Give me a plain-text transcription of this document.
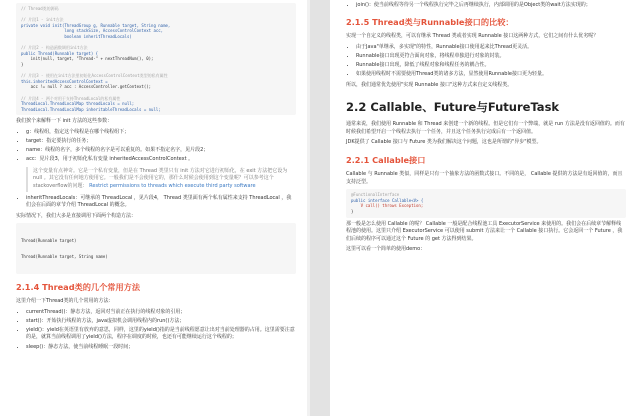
// Thread类的源码

// 片段1 - init方法
private void init(ThreadGroup g, Runnable target, String name,
long stackSize, AccessControlContext acc,
boolean inheritThreadLocals)

// 片段2 - 构造函数调用init方法
public Thread(Runnable target) {
init(null, target, "Thread-" + nextThreadNum(), 0);
}

// 片段3 - 使用在init方法里初始化AccessControlContext类型的私有属性
this.inheritedAccessControlContext =
acc != null ? acc : AccessController.getContext();

// 片段4 - 两个对用于支持ThreadLocal的私有属性
ThreadLocal.ThreadLocalMap threadLocals = null;
ThreadLocal.ThreadLocalMap inheritableThreadLocals = null;

我们挨个来解释一下 init 方法的这些参数：

• g：线程组，指定这个线程是在哪个线程组下；
• target：指定要执行的任务；
• name：线程的名字，多个线程的名字是可以重复的。如果不指定名字，见片段2；
• acc：见片段3，用于初始化私有变量 inheritedAccessControlContext 。
这个变量有点神奇。它是一个私有变量，但是在 Thread 类里只有 init 方法对它进行初始化，在 exit 方法把它设为 null 。其它没有任何地方使用它。一般我们是不会使用它的，那什么时候会使用到这个变量呢？可以参考这个stackoverflow的问题： Restrict permissions to threads which execute third party software
• inheritThreadLocals：可继承的 ThreadLocal ，见片段4， Thread 类里面有两个私有属性来支持 ThreadLocal ，我们会在后面的章节介绍 ThreadLocal 的概念。

实际情况下，我们大多是直接调用下面两个构造方法：

Thread(Runnable target)

Thread(Runnable target, String name)

2.1.4 Thread类的几个常用方法

这里介绍一下Thread类的几个常用的方法：

• currentThread()：静态方法，返回对当前正在执行的线程对象的引用；
• start()：开始执行线程的方法，java虚拟机会调用线程内的run()方法；
• yield()：yield在英语里有放弃的意思，同样，这里的yield()指的是当前线程愿意让出对当前处理器的占用。这里需要注意的是，就算当前线程调用了yield()方法，程序在调度的时候，也还有可能继续运行这个线程的；
• sleep()：静态方法，使当前线程睡眠一段时间；
• join()：使当前线程等待另一个线程执行完毕之后再继续执行，内部调用的是Object类的wait方法实现的；
2.1.5 Thread类与Runnable接口的比较：

实现一个自定义的线程类，可以有继承 Thread 类或者实现 Runnable 接口这两种方式，它们之间有什么优劣呢？

• 由于Java"单继承，多实现"的特性，Runnable接口使用起来比Thread更灵活。
• Runnable接口出现更符合面向对象，将线程单独进行对象的封装。
• Runnable接口出现，降低了线程对象和线程任务的耦合性。
• 如果使用线程时不需要使用Thread类的诸多方法，显然使用Runnable接口更为轻量。

所以，我们通常优先使用"实现 Runnable 接口"这种方式来自定义线程类。

2.2 Callable、Future与FutureTask

通常来说，我们使用 Runnable 和 Thread 来创建一个新的线程。但是它们有一个弊端，就是 run 方法是没有返回值的。而有时候我们希望开启一个线程去执行一个任务，并且这个任务执行完成后有一个返回值。

JDK提供了 Callable 接口与 Future 类为我们解决这个问题，这也是所谓的"异步"模型。

2.2.1 Callable接口

Callable 与 Runnable 类似，同样是只有一个抽象方法的函数式接口。不同的是， Callable 提供的方法是有返回值的，而且支持泛型。

@FunctionalInterface
public interface Callable<V> {
V call() throws Exception;
}

那一般是怎么使用 Callable 的呢？ Callable 一般是配合线程池工具 ExecutorService 来使用的。我们会在后续章节解释线程池的使用。这里只介绍 ExecutorService 可以使用 submit 方法来让一个 Callable 接口执行。它会返回一个 Future ，我们后续的程序可以通过这个 Future 的 get 方法得到结果。

这里可以看一个简单的使用demo：
